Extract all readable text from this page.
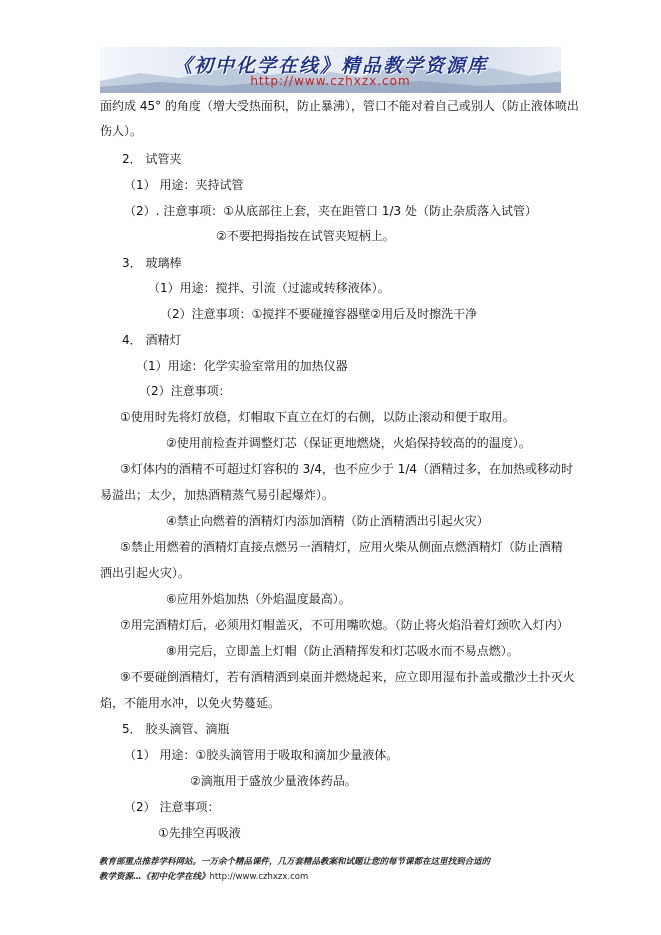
《初中化学在线》精品教学资源库
http://www.czhxzx.com
面约成 45° 的角度（增大受热面积，防止暴沸），管口不能对着自己或别人（防止液体喷出
伤人）。
2． 试管夹
（1） 用途：夹持试管
（2）. 注意事项：①从底部往上套，夹在距管口 1/3 处（防止杂质落入试管）
②不要把拇指按在试管夹短柄上。
3． 玻璃棒
（1）用途：搅拌、引流（过滤或转移液体）。
（2）注意事项：①搅拌不要碰撞容器壁②用后及时擦洗干净
4． 酒精灯
（1）用途：化学实验室常用的加热仪器
（2）注意事项：
①使用时先将灯放稳，灯帽取下直立在灯的右侧，以防止滚动和便于取用。
②使用前检查并调整灯芯（保证更地燃烧，火焰保持较高的的温度）。
③灯体内的酒精不可超过灯容积的 3/4，也不应少于 1/4（酒精过多，在加热或移动时
易溢出；太少，加热酒精蒸气易引起爆炸）。
④禁止向燃着的酒精灯内添加酒精（防止酒精洒出引起火灾）
⑤禁止用燃着的酒精灯直接点燃另一酒精灯，应用火柴从侧面点燃酒精灯（防止酒精
洒出引起火灾）。
⑥应用外焰加热（外焰温度最高）。
⑦用完酒精灯后，必须用灯帽盖灭，不可用嘴吹熄。（防止将火焰沿着灯颈吹入灯内）
⑧用完后，立即盖上灯帽（防止酒精挥发和灯芯吸水而不易点燃）。
⑨不要碰倒酒精灯，若有酒精洒到桌面并燃烧起来，应立即用湿布扑盖或撒沙土扑灭火
焰，不能用水冲，以免火势蔓延。
5． 胶头滴管、滴瓶
（1） 用途：①胶头滴管用于吸取和滴加少量液体。
②滴瓶用于盛放少量液体药品。
（2） 注意事项：
①先排空再吸液
教育部重点推荐学科网站。一万余个精品课件，几万套精品教案和试题让您的每节课都在这里找到合适的
教学资源…《初中化学在线》http://www.czhxzx.com
